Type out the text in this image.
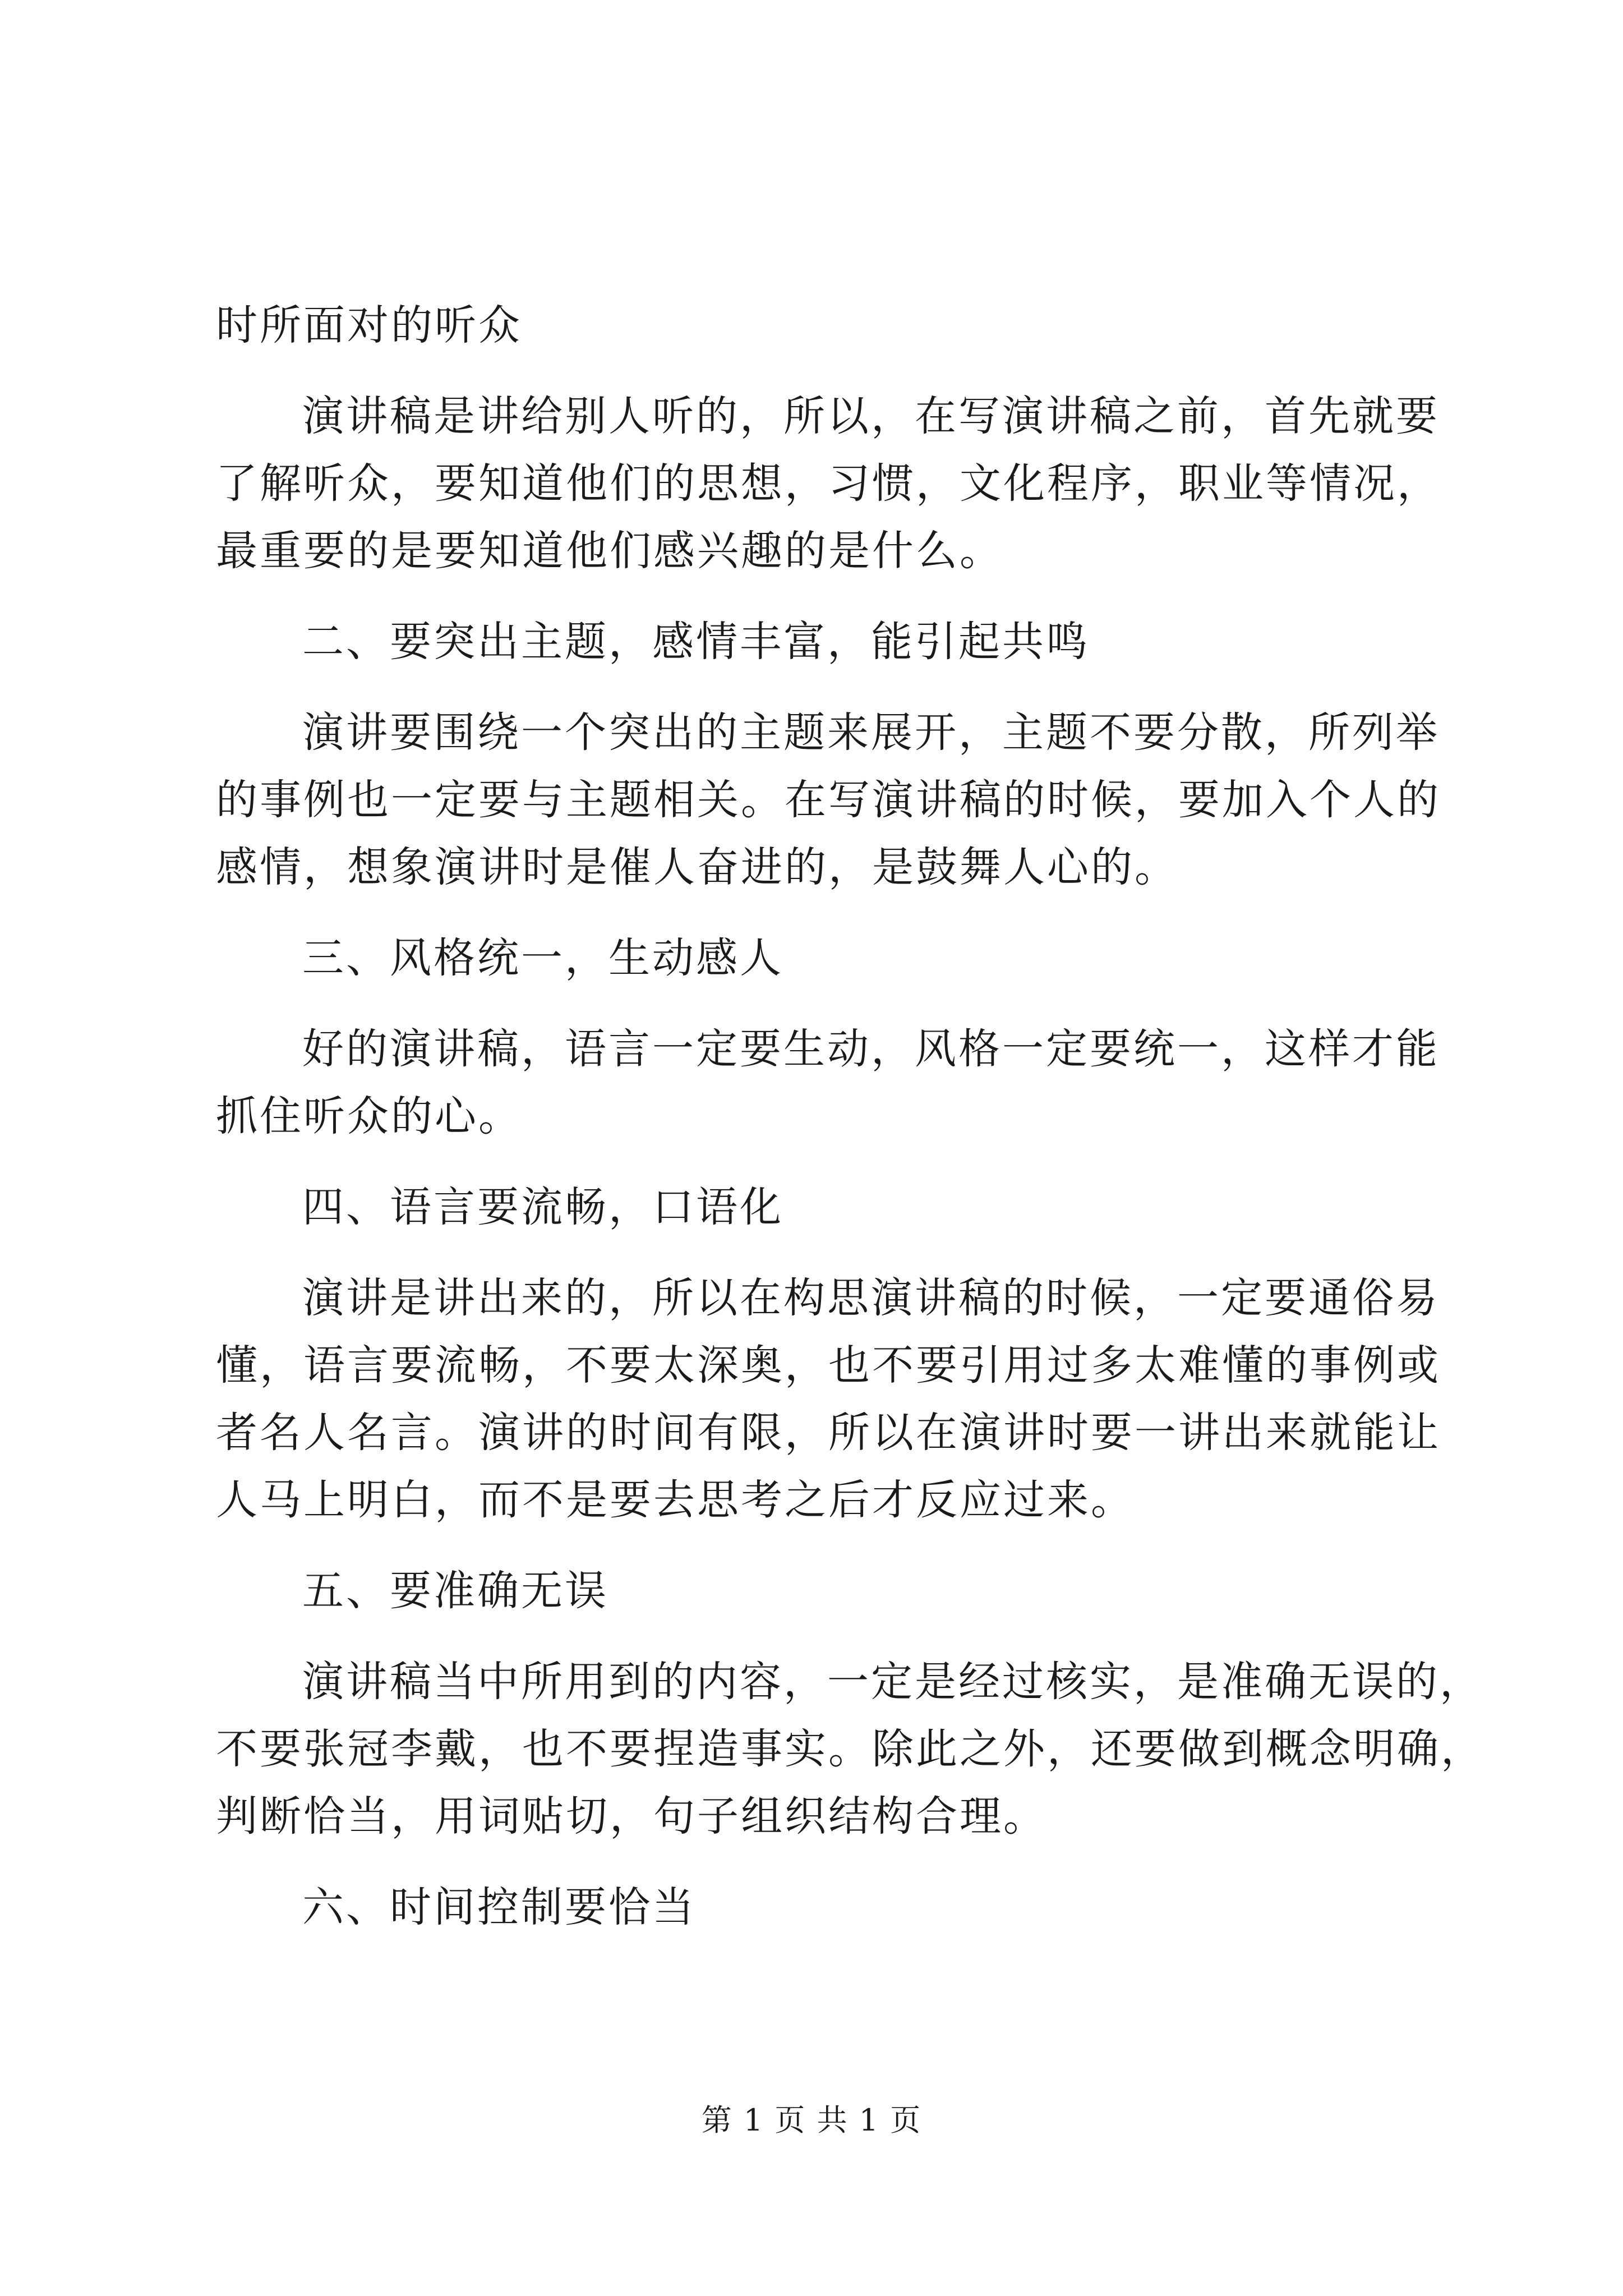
时所面对的听众
演讲稿是讲给别人听的，所以，在写演讲稿之前，首先就要
了解听众，要知道他们的思想，习惯，文化程序，职业等情况，
最重要的是要知道他们感兴趣的是什么。
二、要突出主题，感情丰富，能引起共鸣
演讲要围绕一个突出的主题来展开，主题不要分散，所列举
的事例也一定要与主题相关。在写演讲稿的时候，要加入个人的
感情，想象演讲时是催人奋进的，是鼓舞人心的。
三、风格统一，生动感人
好的演讲稿，语言一定要生动，风格一定要统一，这样才能
抓住听众的心。
四、语言要流畅，口语化
演讲是讲出来的，所以在构思演讲稿的时候，一定要通俗易
懂，语言要流畅，不要太深奥，也不要引用过多太难懂的事例或
者名人名言。演讲的时间有限，所以在演讲时要一讲出来就能让
人马上明白，而不是要去思考之后才反应过来。
五、要准确无误
演讲稿当中所用到的内容，一定是经过核实，是准确无误的，
不要张冠李戴，也不要捏造事实。除此之外，还要做到概念明确，
判断恰当，用词贴切，句子组织结构合理。
六、时间控制要恰当
第 1 页 共 1 页
